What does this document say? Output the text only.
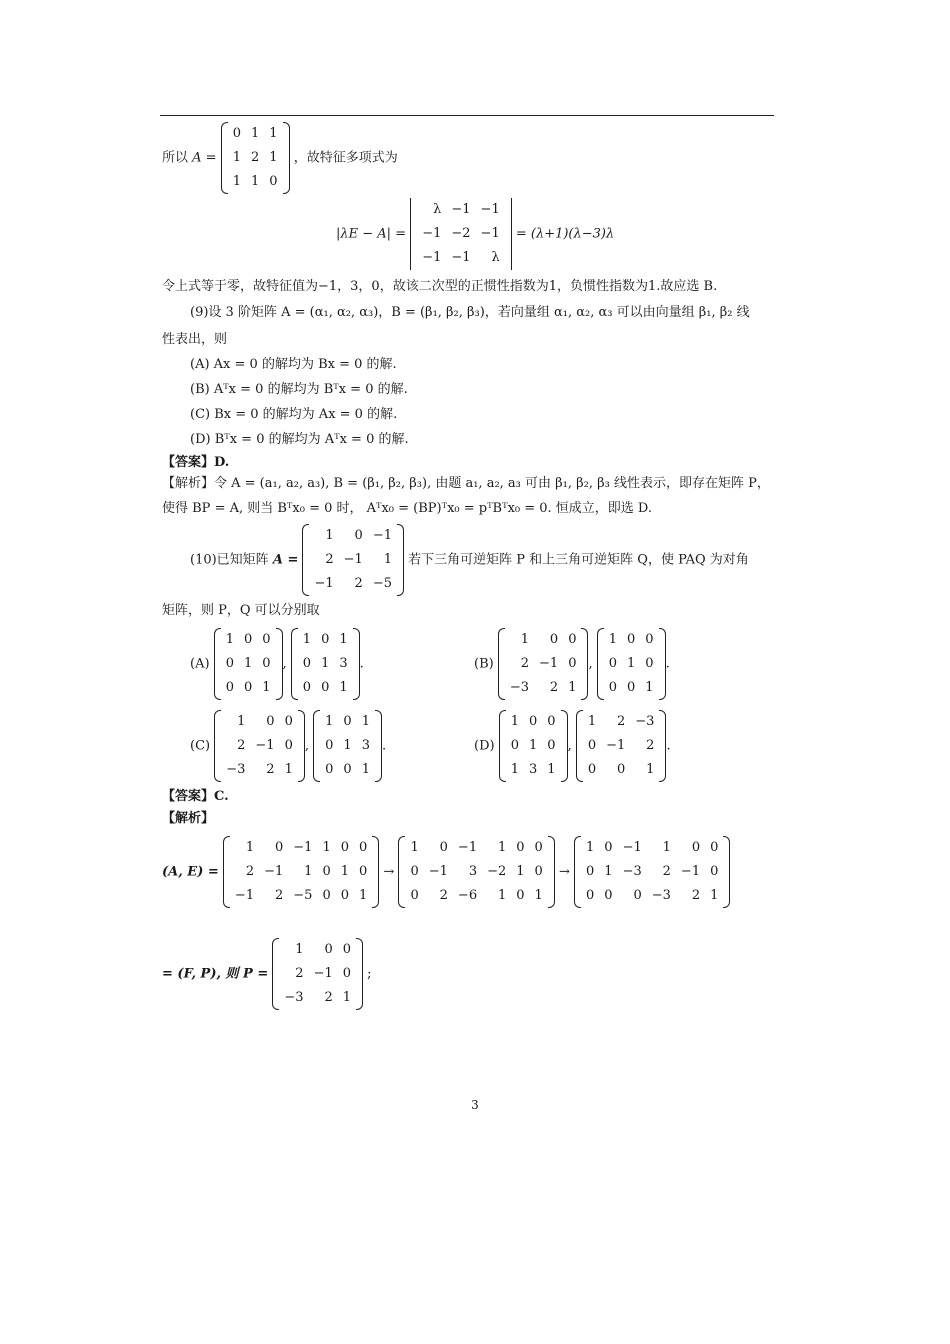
所以 A =
0	1	1
1	2	1
1	1	0
，故特征多项式为
|λE − A| =
λ	−1	−1
−1	−2	−1
−1	−1	λ
= (λ+1)(λ−3)λ
令上式等于零，故特征值为−1，3，0，故该二次型的正惯性指数为1，负惯性指数为1.故应选 B.
(9)设 3 阶矩阵 A = (α₁, α₂, α₃)，B = (β₁, β₂, β₃)，若向量组 α₁, α₂, α₃ 可以由向量组 β₁, β₂ 线
性表出，则
(A) Ax = 0 的解均为 Bx = 0 的解.
(B) Aᵀx = 0 的解均为 Bᵀx = 0 的解.
(C) Bx = 0 的解均为 Ax = 0 的解.
(D) Bᵀx = 0 的解均为 Aᵀx = 0 的解.
【答案】D.
【解析】令 A = (a₁, a₂, a₃), B = (β₁, β₂, β₃), 由题 a₁, a₂, a₃ 可由 β₁, β₂, β₃ 线性表示，即存在矩阵 P，
使得 BP = A, 则当 Bᵀx₀ = 0 时， Aᵀx₀ = (BP)ᵀx₀ = pᵀBᵀx₀ = 0. 恒成立，即选 D.
(10)已知矩阵 A =
1	0	−1
2	−1	1
−1	2	−5
若下三角可逆矩阵 P 和上三角可逆矩阵 Q，使 PAQ 为对角
矩阵，则 P，Q 可以分别取
(A)
1	0	0
0	1	0
0	0	1
,
1	0	1
0	1	3
0	0	1
.	(B)
1	0	0
2	−1	0
−3	2	1
,
1	0	0
0	1	0
0	0	1
.
(C)
1	0	0
2	−1	0
−3	2	1
,
1	0	1
0	1	3
0	0	1
.	(D)
1	0	0
0	1	0
1	3	1
,
1	2	−3
0	−1	2
0	0	1
.
【答案】C.
【解析】
(A, E) =
1	0	−1	1	0	0
2	−1	1	0	1	0
−1	2	−5	0	0	1
→
1	0	−1	1	0	0
0	−1	3	−2	1	0
0	2	−6	1	0	1
→
1	0	−1	1	0	0
0	1	−3	2	−1	0
0	0	0	−3	2	1
= (F, P), 则 P =
1	0	0
2	−1	0
−3	2	1
;
3
